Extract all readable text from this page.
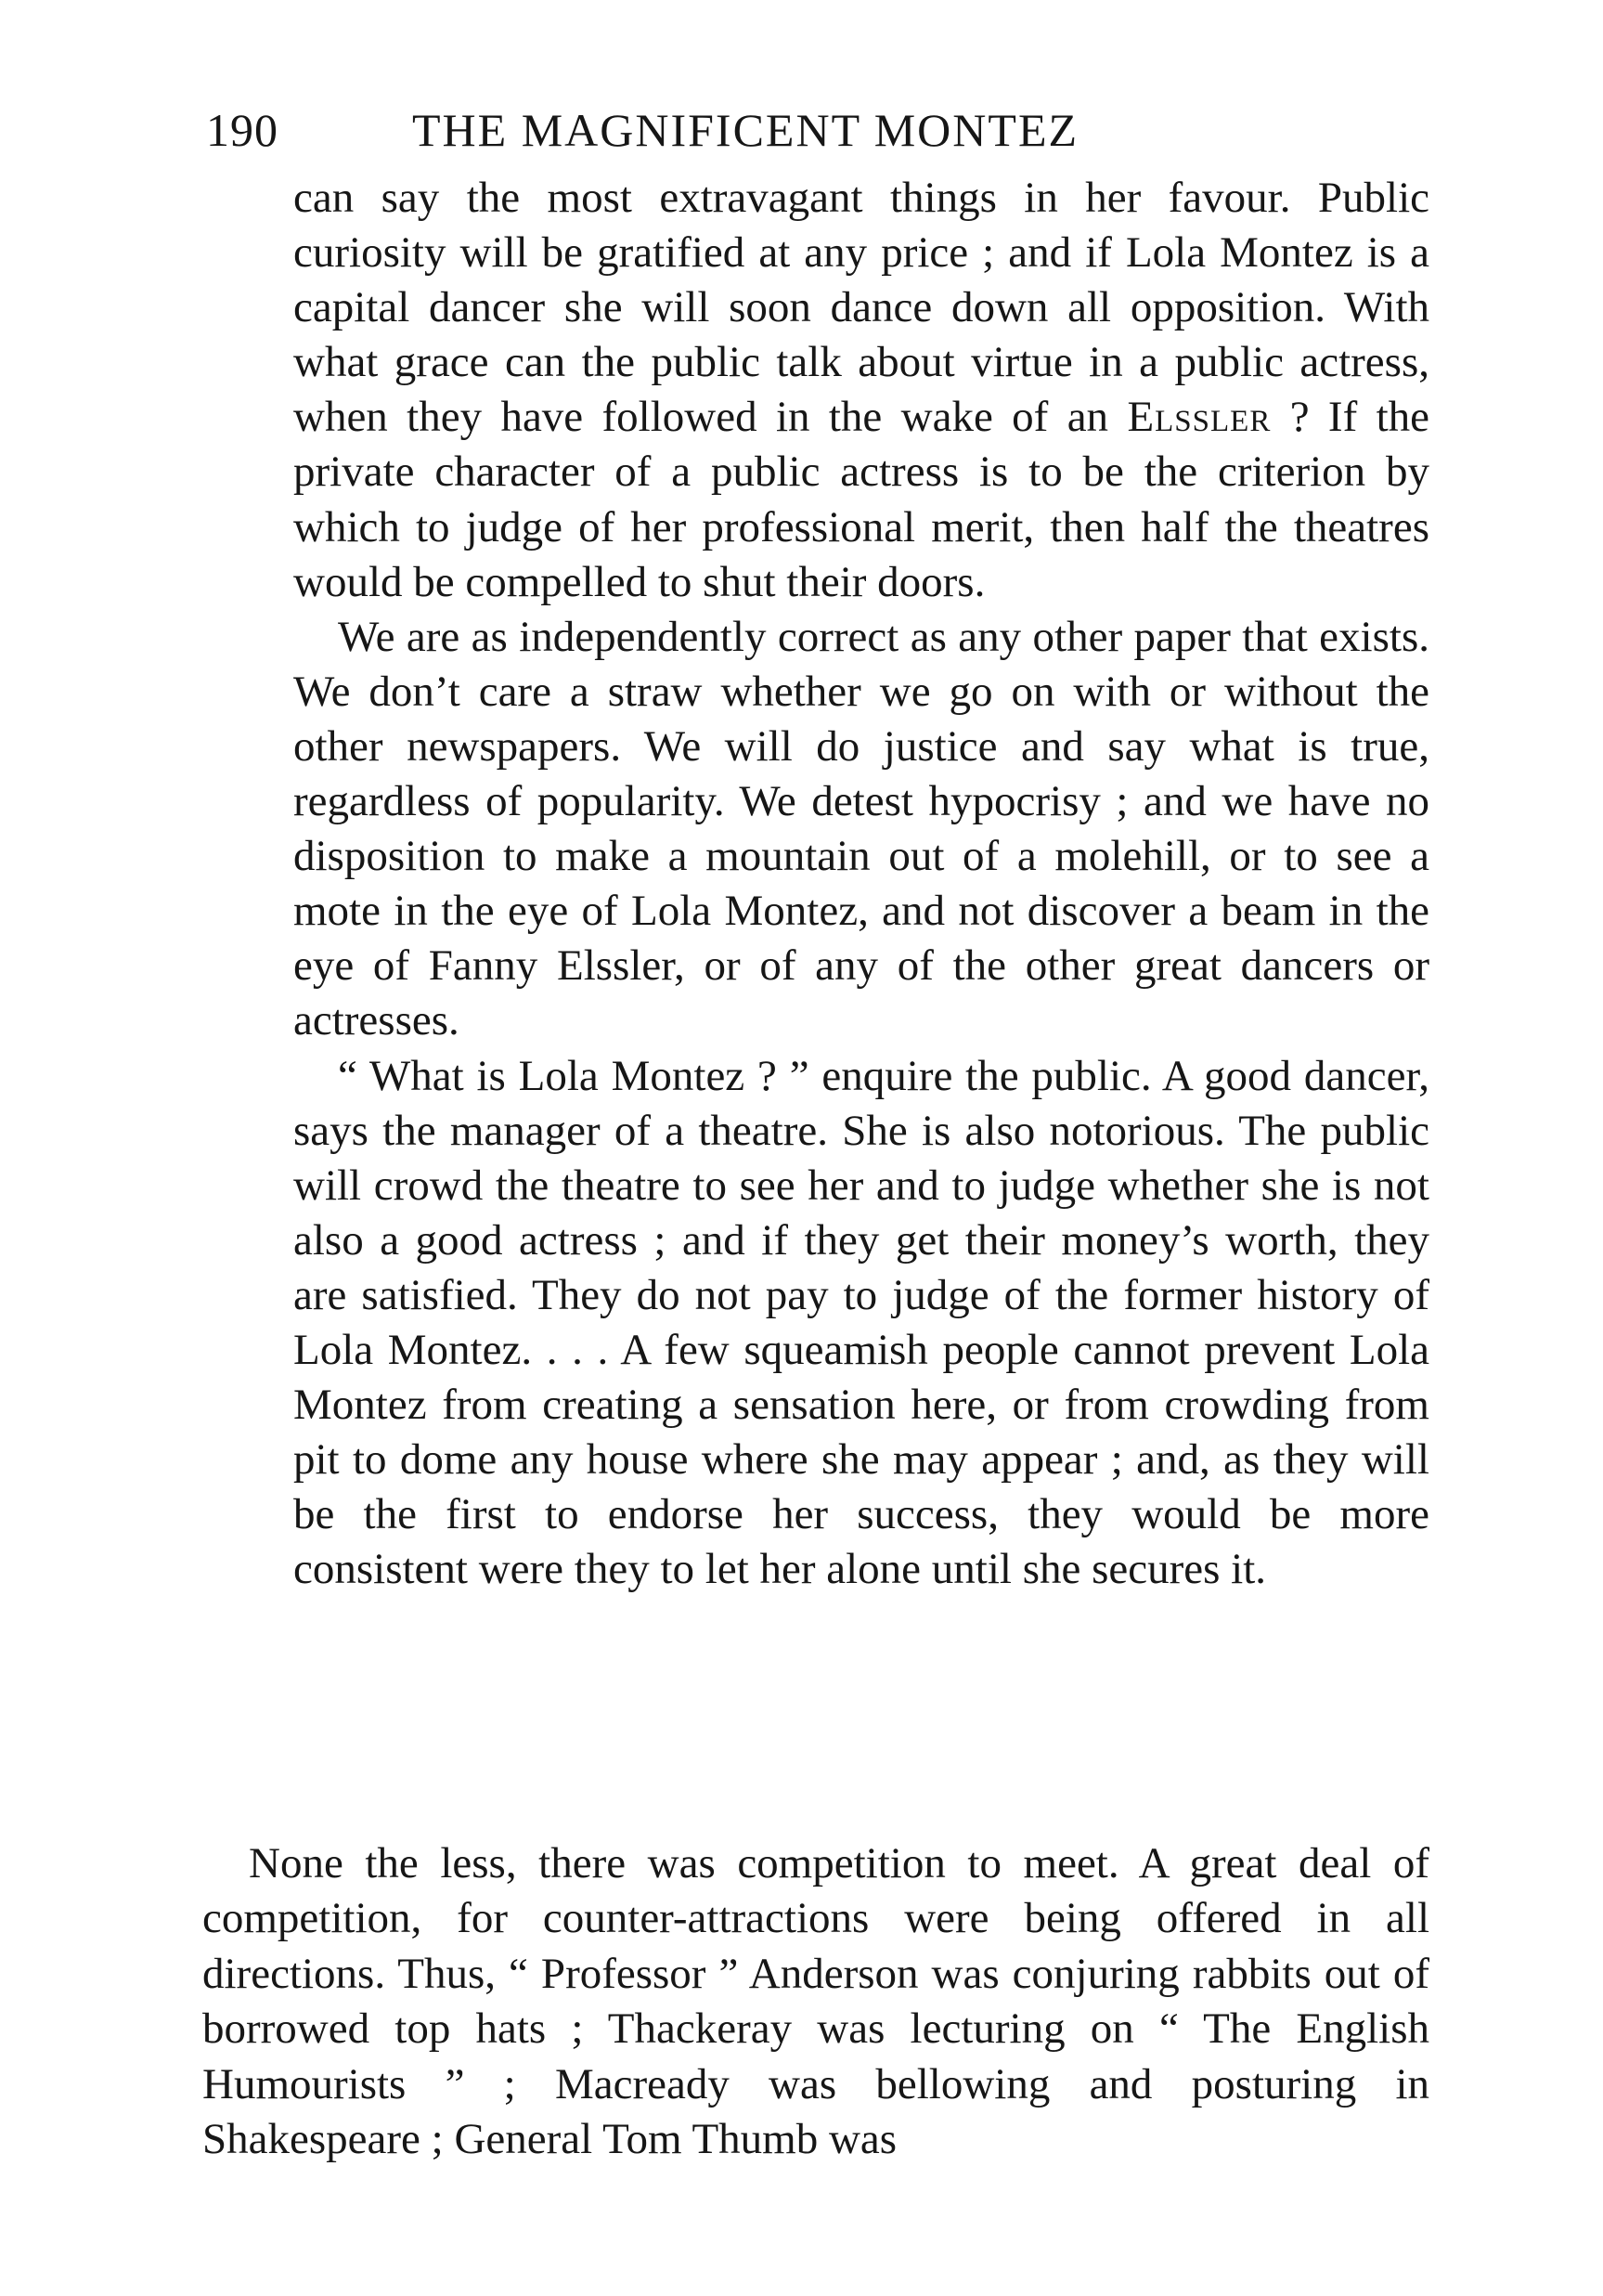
190	THE MAGNIFICENT MONTEZ

can say the most extravagant things in her favour. Public curiosity will be gratified at any price ; and if Lola Montez is a capital dancer she will soon dance down all opposition. With what grace can the public talk about virtue in a public actress, when they have followed in the wake of an Elssler ? If the private character of a public actress is to be the criterion by which to judge of her professional merit, then half the theatres would be compelled to shut their doors.

We are as independently correct as any other paper that exists. We don’t care a straw whether we go on with or without the other newspapers. We will do justice and say what is true, regardless of popularity. We detest hypocrisy ; and we have no disposition to make a mountain out of a molehill, or to see a mote in the eye of Lola Montez, and not discover a beam in the eye of Fanny Elssler, or of any of the other great dancers or actresses.

“ What is Lola Montez ? ” enquire the public. A good dancer, says the manager of a theatre. She is also notorious. The public will crowd the theatre to see her and to judge whether she is not also a good actress ; and if they get their money’s worth, they are satisfied. They do not pay to judge of the former history of Lola Montez. . . . A few squeamish people cannot prevent Lola Montez from creating a sensation here, or from crowding from pit to dome any house where she may appear ; and, as they will be the first to endorse her success, they would be more consistent were they to let her alone until she secures it.

None the less, there was competition to meet. A great deal of competition, for counter-attractions were being offered in all directions. Thus, “ Professor ” Anderson was conjuring rabbits out of borrowed top hats ; Thackeray was lecturing on “ The English Humourists ” ; Macready was bellowing and posturing in Shakespeare ; General Tom Thumb was
